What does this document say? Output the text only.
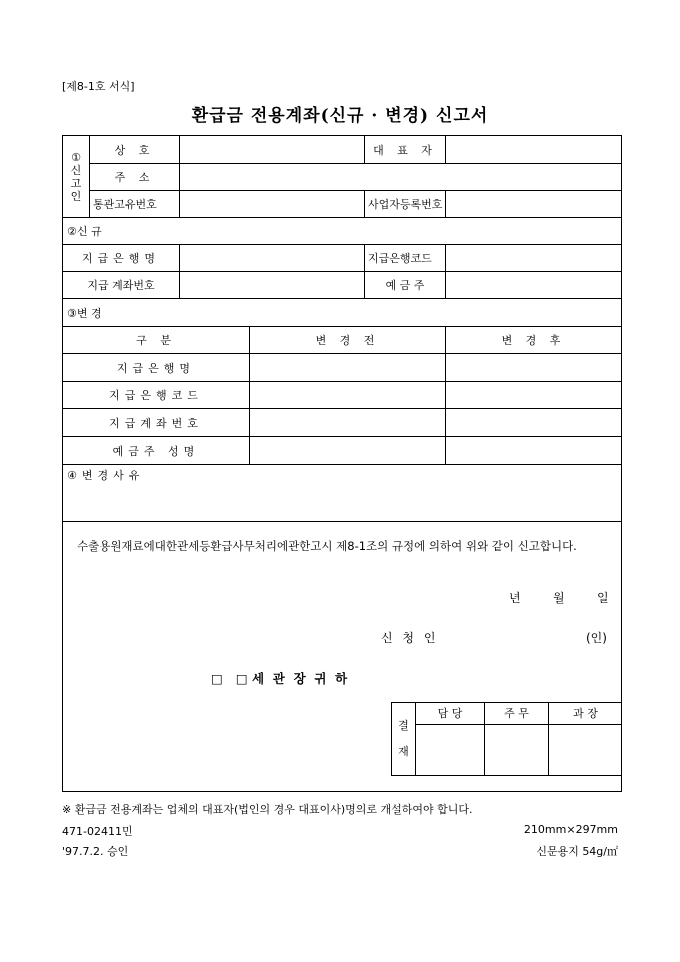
[제8-1호 서식]
환급금 전용계좌(신규 · 변경) 신고서
①
신
고
인	상 호		대 표 자	
주 소	
통관고유번호		사업자등록번호	
②신 규
지급은행명		지급은행코드	
지급 계좌번호		예 금 주	
③변 경
구 분	변 경 전	변 경 후
지급은행명		
지급은행코드		
지급계좌번호		
예금주 성명		
④변경사유

수출용원재료에대한관세등환급사무처리에관한고시 제8-1조의 규정에 의하여 위와 같이 신고합니다.
년	월	일
신 청 인	(인)
□   □ 세  관  장  귀  하
결
재	담 당	주 무	과 장

※ 환급금 전용계좌는 업체의 대표자(법인의 경우 대표이사)명의로 개설하여야 합니다.
471-02411민	210mm×297mm
'97.7.2. 승인	신문용지 54g/㎡
